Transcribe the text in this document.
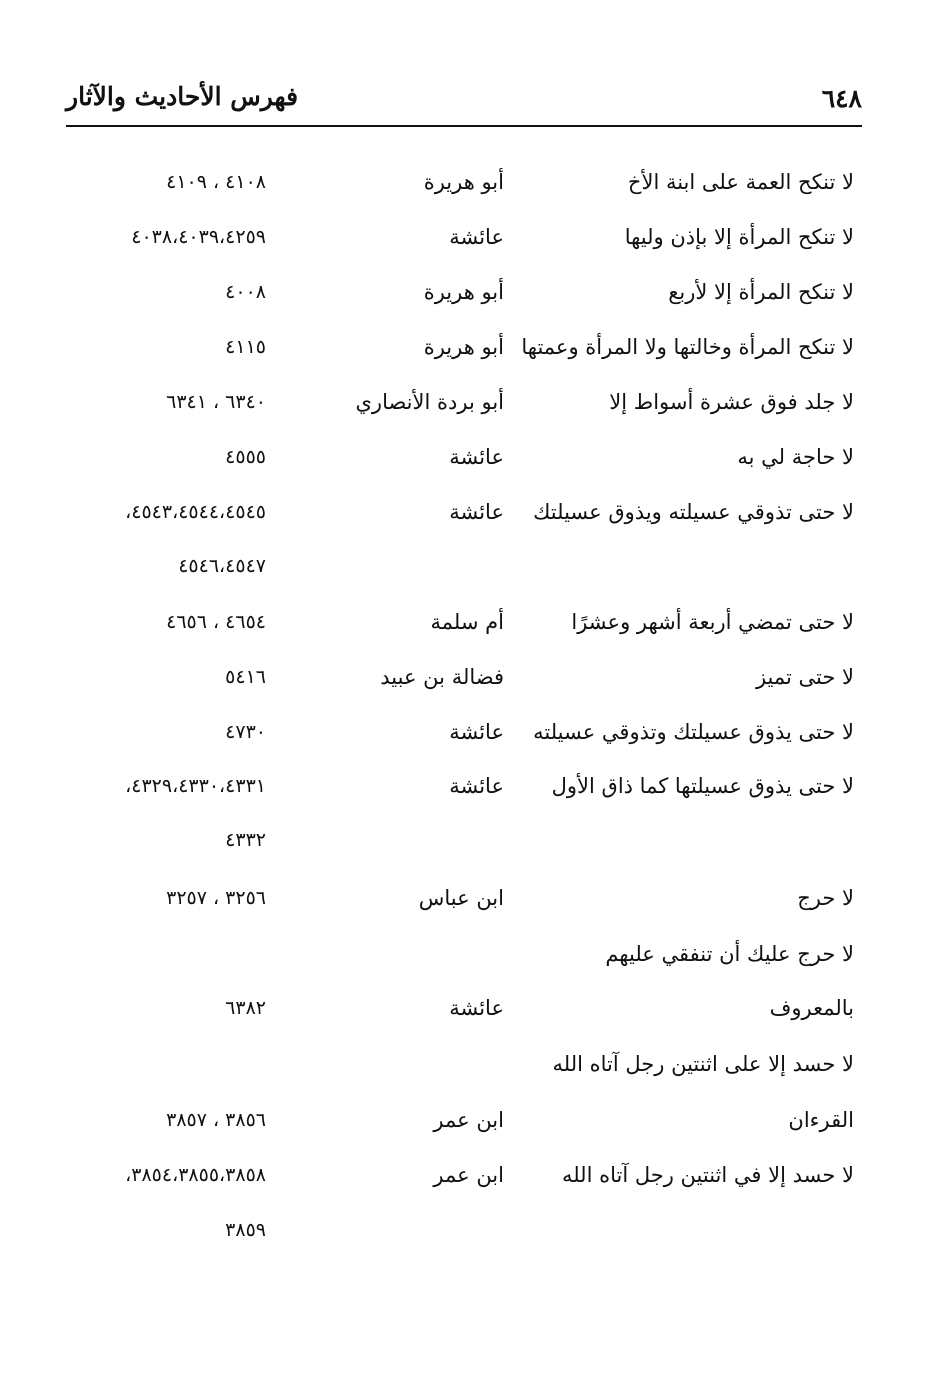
٦٤٨
فهرس الأحاديث والآثار
لا تنكح العمة على ابنة الأخ
أبو هريرة
٤١٠٨ ، ٤١٠٩
لا تنكح المرأة إلا بإذن وليها
عائشة
٤٠٣٨،٤٠٣٩،٤٢٥٩
لا تنكح المرأة إلا لأربع
أبو هريرة
٤٠٠٨
لا تنكح المرأة وخالتها ولا المرأة وعمتها
أبو هريرة
٤١١٥
لا جلد فوق عشرة أسواط إلا
أبو بردة الأنصاري
٦٣٤٠ ، ٦٣٤١
لا حاجة لي به
عائشة
٤٥٥٥
لا حتى تذوقي عسيلته ويذوق عسيلتك
عائشة
٤٥٤٣،٤٥٤٤،٤٥٤٥،
٤٥٤٦،٤٥٤٧
لا حتى تمضي أربعة أشهر وعشرًا
أم سلمة
٤٦٥٤ ، ٤٦٥٦
لا حتى تميز
فضالة بن عبيد
٥٤١٦
لا حتى يذوق عسيلتك وتذوقي عسيلته
عائشة
٤٧٣٠
لا حتى يذوق عسيلتها كما ذاق الأول
عائشة
٤٣٢٩،٤٣٣٠،٤٣٣١،
٤٣٣٢
لا حرج
ابن عباس
٣٢٥٦ ، ٣٢٥٧
لا حرج عليك أن تنفقي عليهم
بالمعروف
عائشة
٦٣٨٢
لا حسد إلا على اثنتين رجل آتاه الله
القرءان
ابن عمر
٣٨٥٦ ، ٣٨٥٧
لا حسد إلا في اثنتين رجل آتاه الله
ابن عمر
٣٨٥٤،٣٨٥٥،٣٨٥٨،
٣٨٥٩
